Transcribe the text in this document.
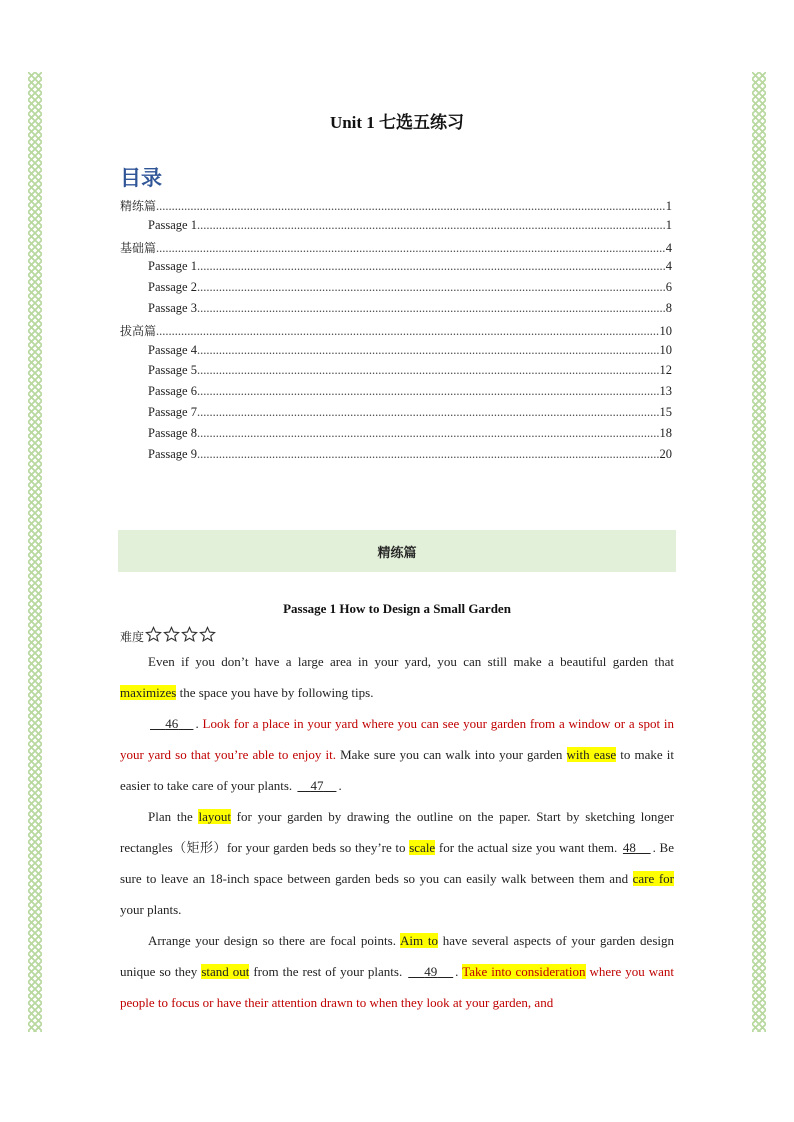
Unit 1 七选五练习
目录
精练篇 .....	1
Passage 1 .....	1
基础篇 .....	4
Passage 1 .....	4
Passage 2 .....	6
Passage 3 .....	8
拔高篇 .....	10
Passage 4 .....	10
Passage 5 .....	12
Passage 6 .....	13
Passage 7 .....	15
Passage 8 .....	18
Passage 9 .....	20
精练篇
Passage 1 How to Design a Small Garden
难度

Even if you don’t have a large area in your yard, you can still make a beautiful garden that maximizes the space you have by following tips.

46 . Look for a place in your yard where you can see your garden from a window or a spot in your yard so that you’re able to enjoy it. Make sure you can walk into your garden with ease to make it easier to take care of your plants.     47 .

Plan the layout for your garden by drawing the outline on the paper. Start by sketching longer rectangles（矩形）for your garden beds so they’re to scale for the actual size you want them. 48 . Be sure to leave an 18-inch space between garden beds so you can easily walk between them and care for your plants.

Arrange your design so there are focal points. Aim to have several aspects of your garden design unique so they stand out from the rest of your plants.     49 . Take into consideration where you want people to focus or have their attention drawn to when they look at your garden, and
